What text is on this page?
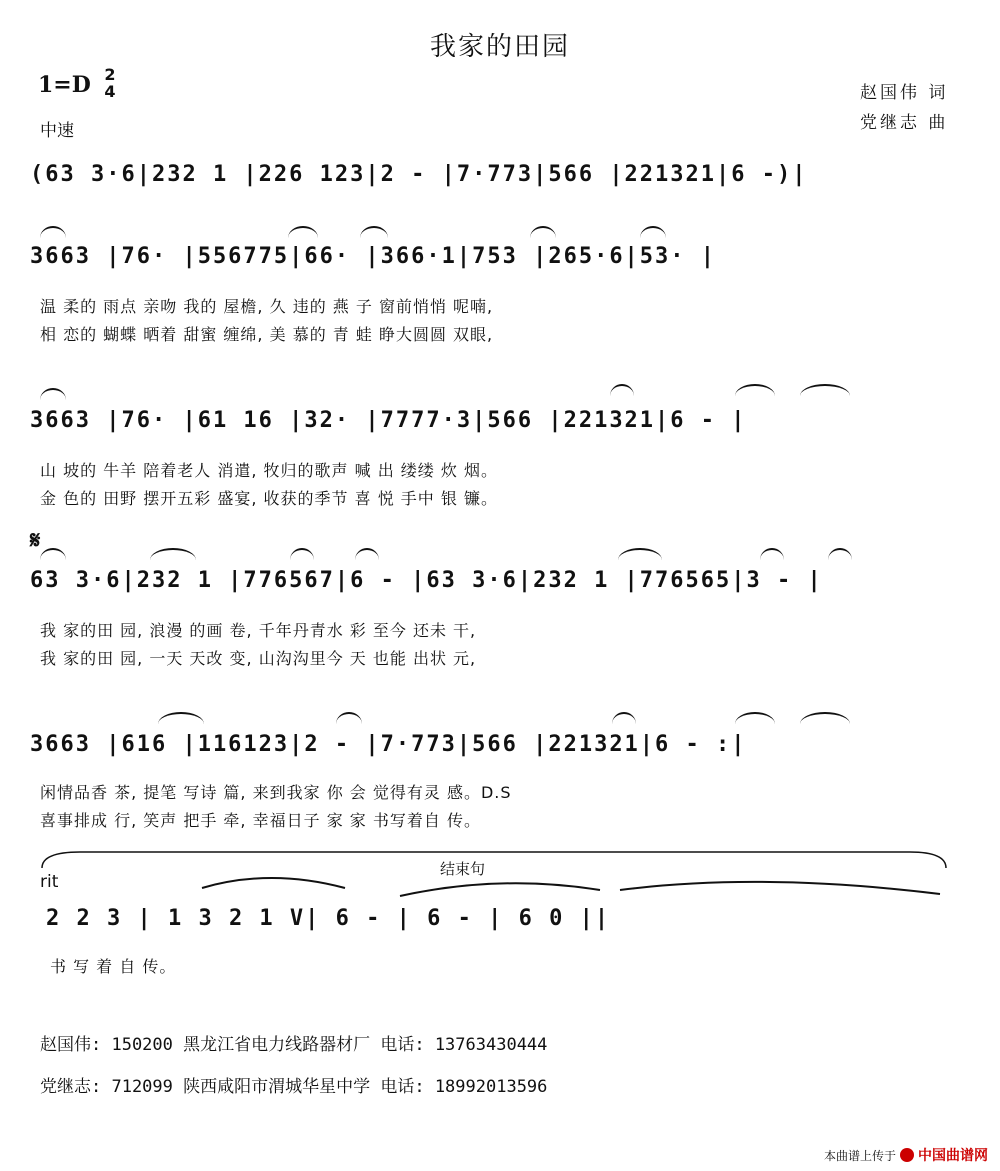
我家的田园
1=D 2
4
中速
赵国伟 词
党继志 曲
(63 3·6|232 1 |226 123|2 - |7·773|566 |221321|6 -)|
3663 |76· |556775|66· |366·1|753 |265·6|53· |
温 柔的 雨点 亲吻 我的 屋檐, 久 违的 燕 子 窗前悄悄 呢喃,
相 恋的 蝴蝶 晒着 甜蜜 缠绵, 美 慕的 青 蛙 睁大圆圆 双眼,
3663 |76· |61 16 |32· |7777·3|566 |221321|6 - |
山 坡的 牛羊 陪着老人 消遣, 牧归的歌声 喊 出 缕缕 炊 烟。
金 色的 田野 摆开五彩 盛宴, 收获的季节 喜 悦 手中 银 镰。
𝄋
63 3·6|232 1 |776567|6 - |63 3·6|232 1 |776565|3 - |
我 家的田 园, 浪漫 的画 卷, 千年丹青水 彩 至今 还未 干,
我 家的田 园, 一天 天改 变, 山沟沟里今 天 也能 出状 元,
3663 |616 |116123|2 - |7·773|566 |221321|6 - :|
闲情品香 茶, 提笔 写诗 篇, 来到我家 你 会 觉得有灵 感。D.S
喜事排成 行, 笑声 把手 牵, 幸福日子 家 家 书写着自 传。
结束句
rit
2 2 3 | 1 3 2 1 V| 6 - | 6 - | 6 0 ||
书 写 着 自 传。
赵国伟: 150200 黑龙江省电力线路器材厂 电话: 13763430444
党继志: 712099 陕西咸阳市渭城华星中学 电话: 18992013596
本曲谱上传于 中国曲谱网
